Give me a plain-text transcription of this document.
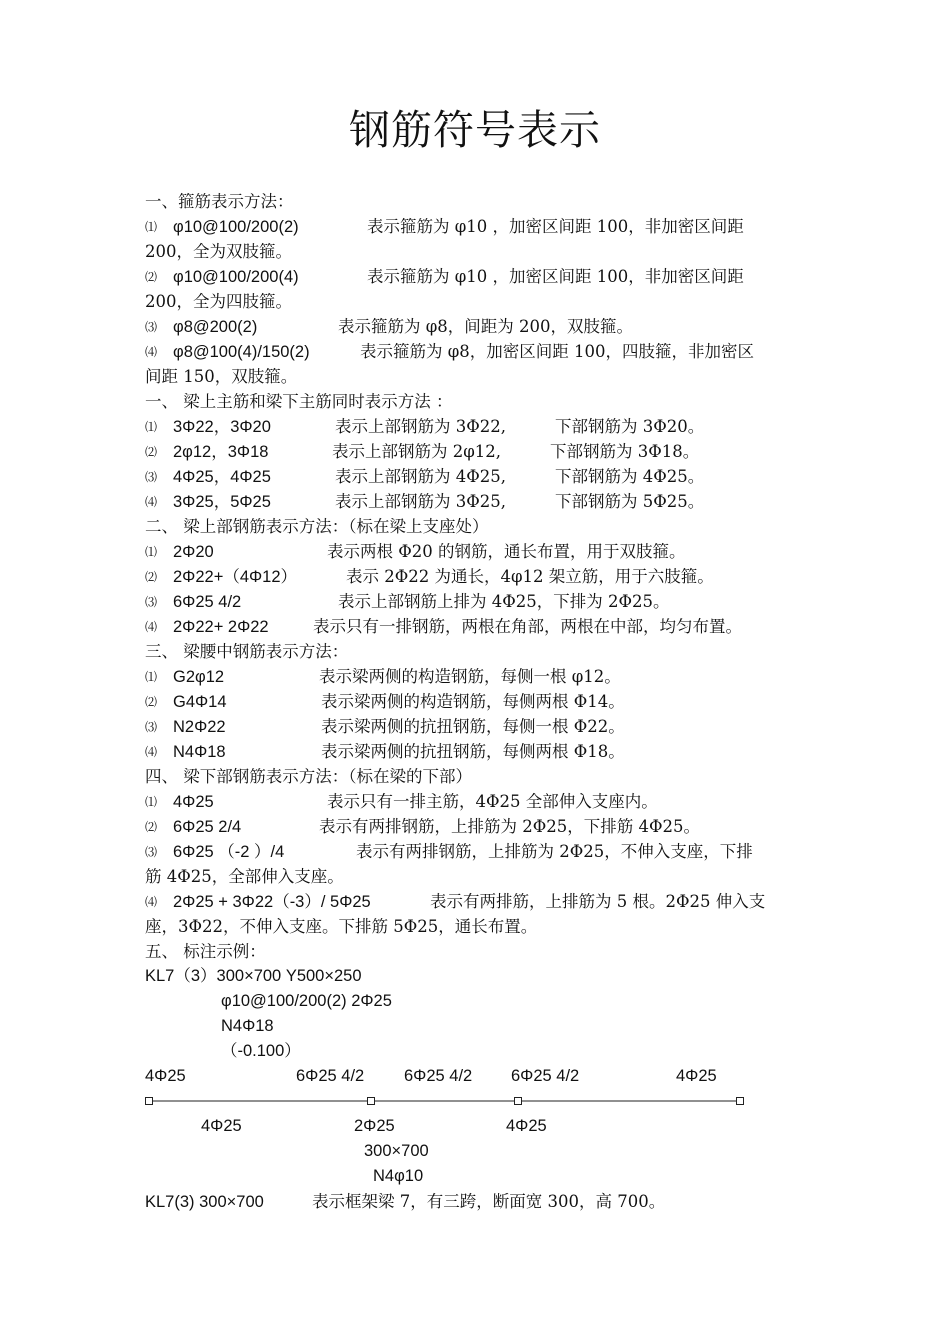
钢筋符号表示
一、箍筋表示方法：
⑴ φ10@100/200(2)	表示箍筋为 φ10 ，加密区间距 100，非加密区间距
200，全为双肢箍。
⑵ φ10@100/200(4)	表示箍筋为 φ10 ，加密区间距 100，非加密区间距
200，全为四肢箍。
⑶ φ8@200(2)	表示箍筋为 φ8，间距为 200，双肢箍。
⑷ φ8@100(4)/150(2)	表示箍筋为 φ8，加密区间距 100，四肢箍，非加密区
间距 150，双肢箍。
一、 梁上主筋和梁下主筋同时表示方法 ：
⑴ 3Φ22，3Φ20	表示上部钢筋为 3Φ22,	下部钢筋为 3Φ20。
⑵ 2φ12，3Φ18	表示上部钢筋为 2φ12,	下部钢筋为 3Φ18。
⑶ 4Φ25，4Φ25	表示上部钢筋为 4Φ25,	下部钢筋为 4Φ25。
⑷ 3Φ25，5Φ25	表示上部钢筋为 3Φ25,	下部钢筋为 5Φ25。
二、 梁上部钢筋表示方法：（标在梁上支座处）
⑴ 2Φ20	表示两根 Φ20 的钢筋，通长布置，用于双肢箍。
⑵ 2Φ22+（4Φ12）	表示 2Φ22 为通长，4φ12 架立筋，用于六肢箍。
⑶ 6Φ25 4/2	表示上部钢筋上排为 4Φ25，下排为 2Φ25。
⑷ 2Φ22+ 2Φ22	表示只有一排钢筋，两根在角部，两根在中部，均匀布置。
三、 梁腰中钢筋表示方法：
⑴ G2φ12	表示梁两侧的构造钢筋，每侧一根 φ12。
⑵ G4Φ14	表示梁两侧的构造钢筋，每侧两根 Φ14。
⑶ N2Φ22	表示梁两侧的抗扭钢筋，每侧一根 Φ22。
⑷ N4Φ18	表示梁两侧的抗扭钢筋，每侧两根 Φ18。
四、 梁下部钢筋表示方法：（标在梁的下部）
⑴ 4Φ25	表示只有一排主筋，4Φ25 全部伸入支座内。
⑵ 6Φ25 2/4	表示有两排钢筋，上排筋为 2Φ25，下排筋 4Φ25。
⑶ 6Φ25 （-2 ）/4	表示有两排钢筋，上排筋为 2Φ25，不伸入支座，下排
筋 4Φ25，全部伸入支座。
⑷ 2Φ25 + 3Φ22（-3）/ 5Φ25	表示有两排筋，上排筋为 5 根。2Φ25 伸入支
座，3Φ22，不伸入支座。下排筋 5Φ25，通长布置。
五、 标注示例：
KL7（3）300×700 Y500×250
φ10@100/200(2) 2Φ25
N4Φ18
（-0.100）
4Φ25	6Φ25 4/2 6Φ25 4/2 6Φ25 4/2	4Φ25
4Φ25	2Φ25	4Φ25
300×700
N4φ10
KL7(3) 300×700	表示框架梁 7，有三跨，断面宽 300，高 700。
